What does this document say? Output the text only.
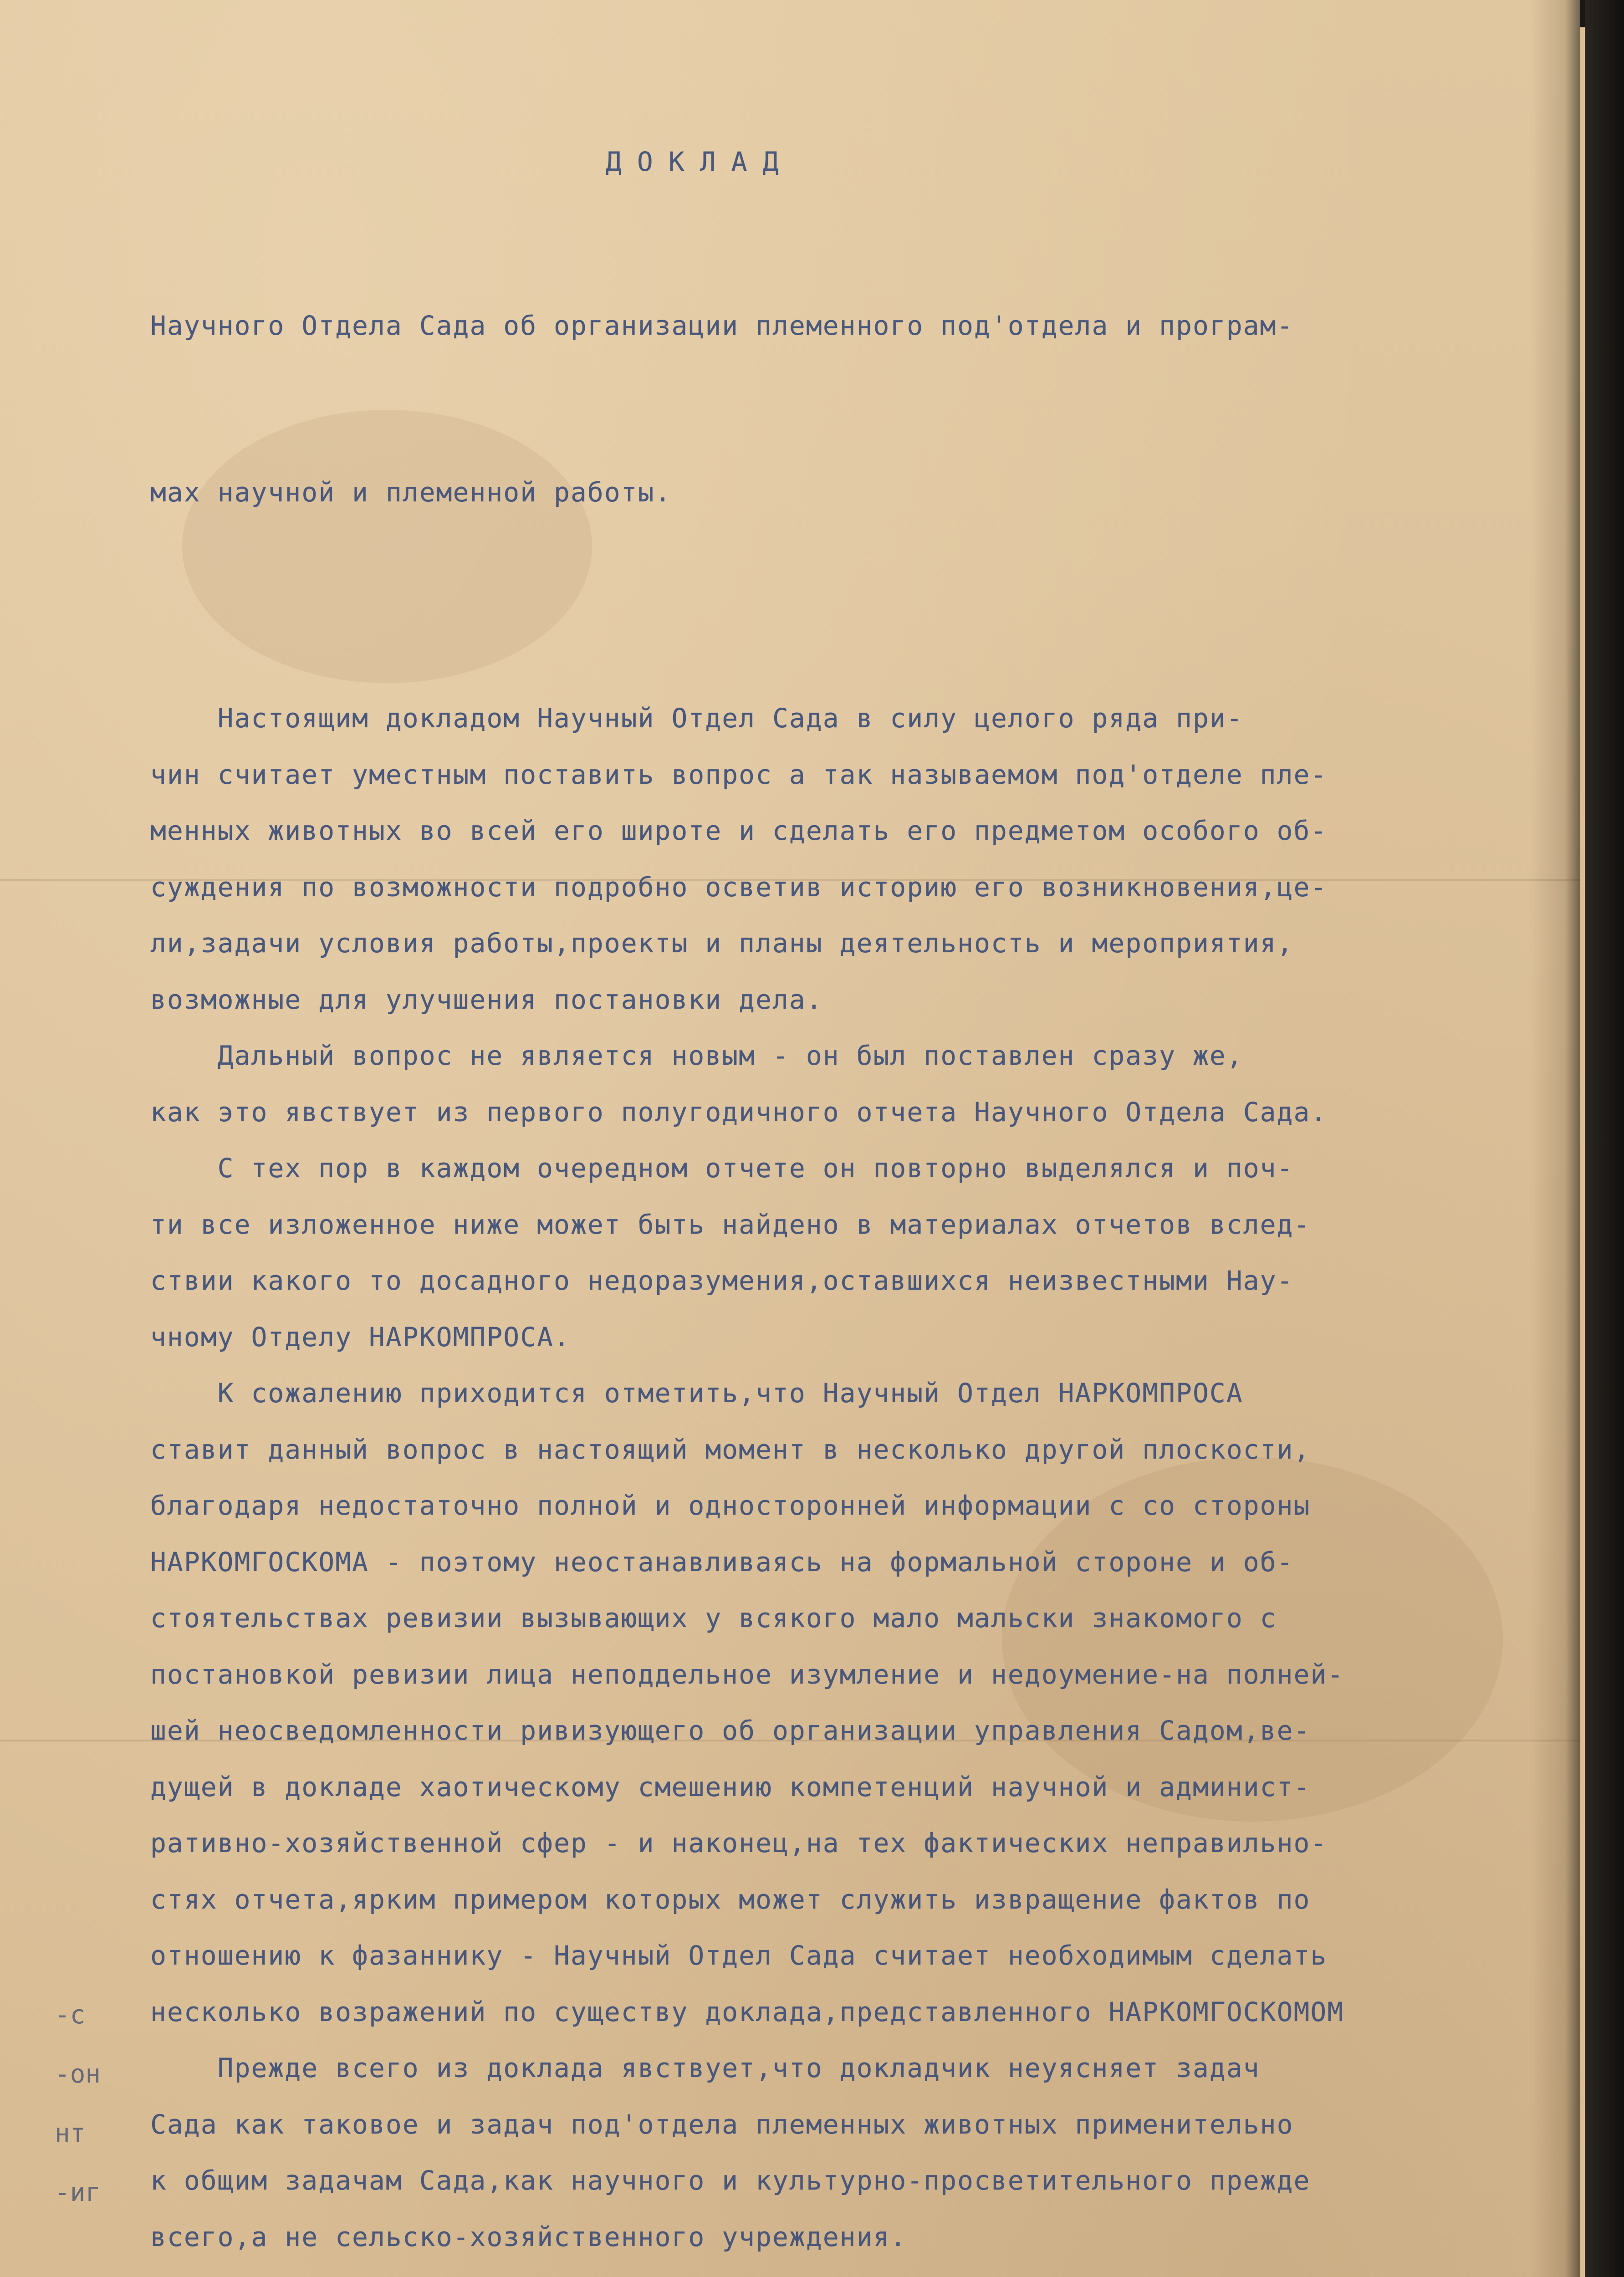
-с
-он
нт
-иг
ДОКЛАД

Научного Отдела Сада об организации племенного под'отдела и програм-

мах научной и племенной работы.

Настоящим докладом Научный Отдел Сада в силу целого ряда при-
чин считает уместным поставить вопрос а так называемом под'отделе пле-
менных животных во всей его широте и сделать его предметом особого об-
суждения по возможности подробно осветив историю его возникновения,це-
ли,задачи условия работы,проекты и планы деятельность и мероприятия,
возможные для улучшения постановки дела.
Дальный вопрос не является новым - он был поставлен сразу же,
как это явствует из первого полугодичного отчета Научного Отдела Сада.
С тех пор в каждом очередном отчете он повторно выделялся и поч-
ти все изложенное ниже может быть найдено в материалах отчетов вслед-
ствии какого то досадного недоразумения,оставшихся неизвестными Нау-
чному Отделу НАРКОМПРОСА.
К сожалению приходится отметить,что Научный Отдел НАРКОМПРОСА
ставит данный вопрос в настоящий момент в несколько другой плоскости,
благодаря недостаточно полной и односторонней информации с со стороны
НАРКОМГОСКОМА - поэтому неостанавливаясь на формальной стороне и об-
стоятельствах ревизии вызывающих у всякого мало мальски знакомого с
постановкой ревизии лица неподдельное изумление и недоумение-на полней-
шей неосведомленности ривизующего об организации управления Садом,ве-
дущей в докладе хаотическому смешению компетенций научной и админист-
ративно-хозяйственной сфер - и наконец,на тех фактических неправильно-
стях отчета,ярким примером которых может служить извращение фактов по
отношению к фазаннику - Научный Отдел Сада считает необходимым сделать
несколько возражений по существу доклада,представленного НАРКОМГОСКОМОМ
Прежде всего из доклада явствует,что докладчик неуясняет задач
Сада как таковое и задач под'отдела племенных животных применительно
к общим задачам Сада,как научного и культурно-просветительного прежде
всего,а не сельско-хозяйственного учреждения.
